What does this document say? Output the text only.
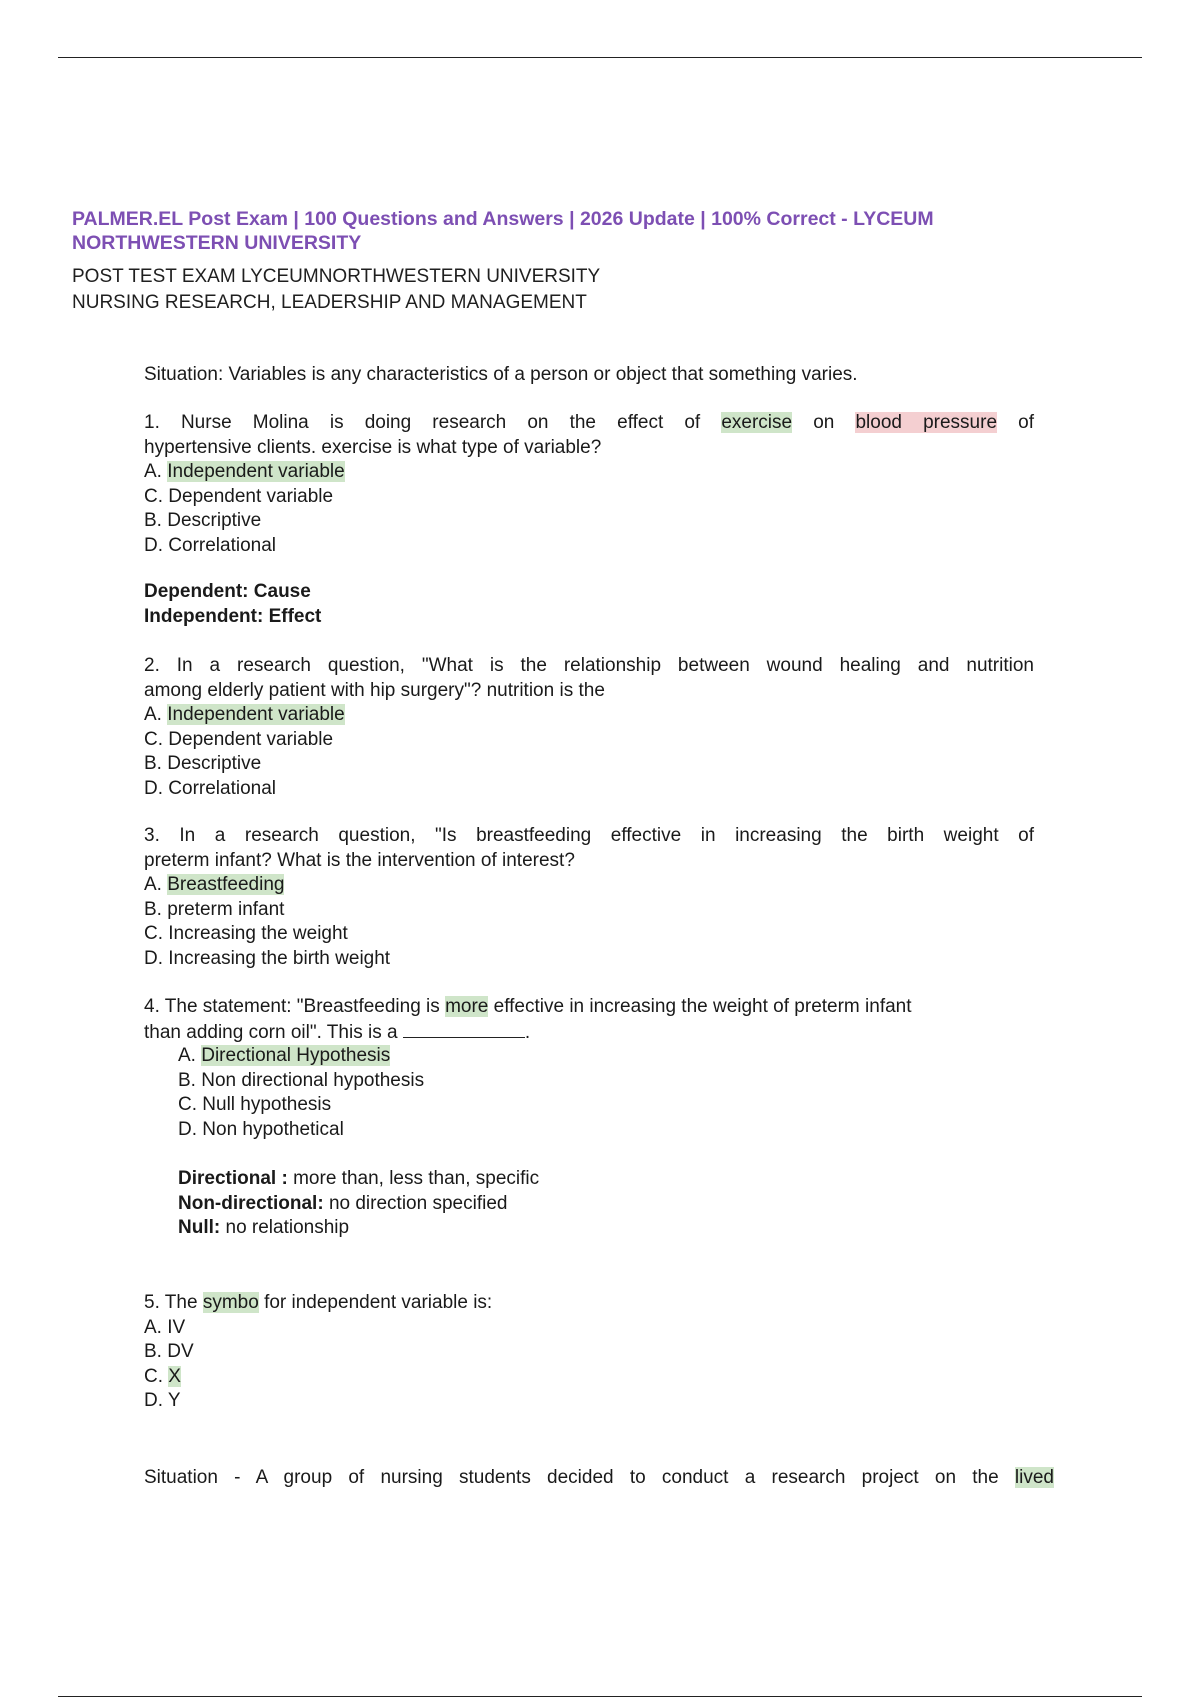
PALMER.EL Post Exam | 100 Questions and Answers | 2026 Update | 100% Correct - LYCEUM NORTHWESTERN UNIVERSITY
POST TEST EXAM LYCEUMNORTHWESTERN UNIVERSITY
NURSING RESEARCH, LEADERSHIP AND MANAGEMENT
Situation: Variables is any characteristics of a person or object that something varies.
1. Nurse Molina is doing research on the effect of exercise on blood pressure of
hypertensive clients. exercise is what type of variable?
A. Independent variable
C. Dependent variable
B. Descriptive
D. Correlational
Dependent: Cause
Independent: Effect
2. In a research question, "What is the relationship between wound healing and nutrition
among elderly patient with hip surgery"? nutrition is the
A. Independent variable
C. Dependent variable
B. Descriptive
D. Correlational
3. In a research question, "Is breastfeeding effective in increasing the birth weight of
preterm infant? What is the intervention of interest?
A. Breastfeeding
B. preterm infant
C. Increasing the weight
D. Increasing the birth weight
4. The statement: "Breastfeeding is more effective in increasing the weight of preterm infant
than adding corn oil". This is a	.
A. Directional Hypothesis
B. Non directional hypothesis
C. Null hypothesis
D. Non hypothetical
Directional : more than, less than, specific
Non-directional: no direction specified
Null: no relationship
5. The symbo for independent variable is:
A. IV
B. DV
C. X
D. Y
Situation - A group of nursing students decided to conduct a research project on the lived
